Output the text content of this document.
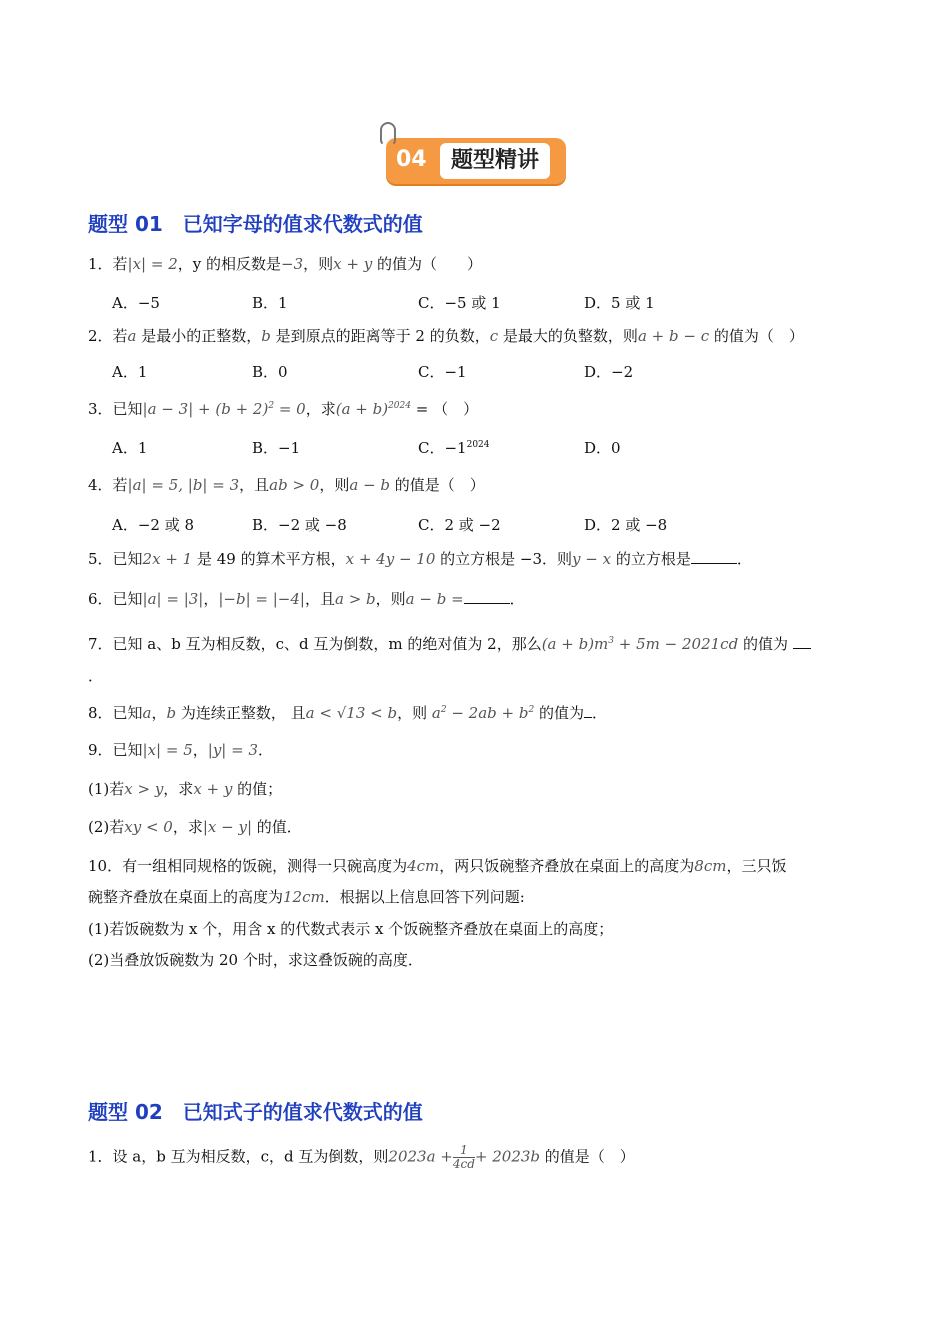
04	题型精讲
题型 01　已知字母的值求代数式的值
1．若|x| = 2，y 的相反数是−3，则x + y 的值为（　　）
A．−5	B．1	C．−5 或 1	D．5 或 1
2．若a 是最小的正整数，b 是到原点的距离等于 2 的负数，c 是最大的负整数，则a + b − c 的值为（　）
A．1	B．0	C．−1	D．−2
3．已知$|a - 3| + (b + 2)^2 = 0$，求$(a + b)^{2024}$ = （　）
A．1	B．−1	C．$-1^{2024}$	D．0
4．若|a| = 5, |b| = 3，且ab > 0，则a − b 的值是（　）
A．−2 或 8	B．−2 或 −8	C．2 或 −2	D．2 或 −8
5．已知2x + 1 是 49 的算术平方根，x + 4y − 10 的立方根是 −3．则y − x 的立方根是	．
6．已知|a| = |3|，|−b| = |−4|，且a > b，则a − b =	．
7．已知 a、b 互为相反数，c、d 互为倒数，m 的绝对值为 2，那么$(a + b)m^3 + 5m - 2021cd$ 的值为
．
8．已知a，b 为连续正整数， 且a < √13 < b，则 $a^2 - 2ab + b^2$ 的值为 ．
9．已知|x| = 5，|y| = 3．
(1)若x > y，求x + y 的值；
(2)若xy < 0，求|x − y| 的值．
10．有一组相同规格的饭碗，测得一只碗高度为4cm，两只饭碗整齐叠放在桌面上的高度为8cm，三只饭
碗整齐叠放在桌面上的高度为12cm．根据以上信息回答下列问题:
(1)若饭碗数为 x 个，用含 x 的代数式表示 x 个饭碗整齐叠放在桌面上的高度；
(2)当叠放饭碗数为 20 个时，求这叠饭碗的高度．
题型 02　已知式子的值求代数式的值
1．设 a，b 互为相反数，c，d 互为倒数，则$2023a + \frac{1}{4cd} + 2023b$ 的值是（　）
